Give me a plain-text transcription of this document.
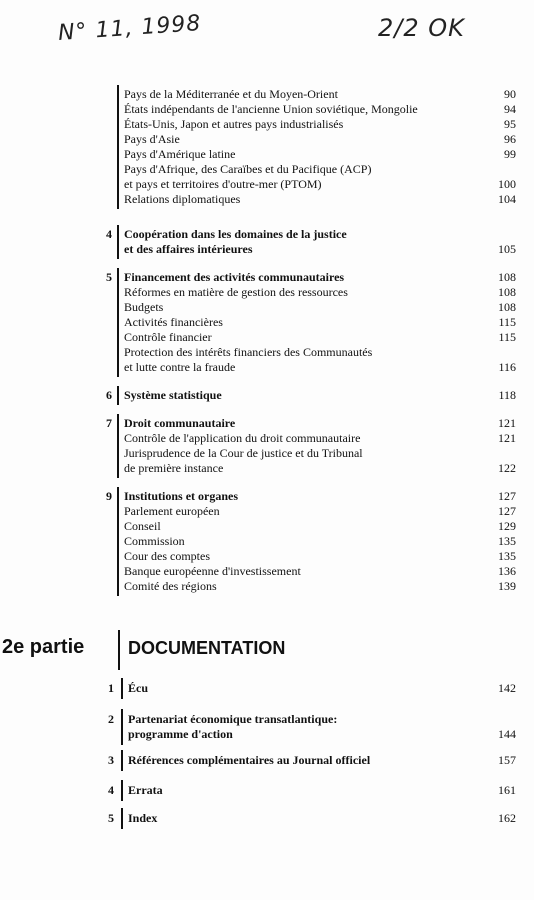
N° 11, 1998	2/2 OK
Pays de la Méditerranée et du Moyen-Orient	90
États indépendants de l'ancienne Union soviétique, Mongolie	94
États-Unis, Japon et autres pays industrialisés	95
Pays d'Asie	96
Pays d'Amérique latine	99
Pays d'Afrique, des Caraïbes et du Pacifique (ACP)
et pays et territoires d'outre-mer (PTOM)	100
Relations diplomatiques	104
4 Coopération dans les domaines de la justice
et des affaires intérieures	105
5 Financement des activités communautaires	108
Réformes en matière de gestion des ressources	108
Budgets	108
Activités financières	115
Contrôle financier	115
Protection des intérêts financiers des Communautés
et lutte contre la fraude	116
6 Système statistique	118
7 Droit communautaire	121
Contrôle de l'application du droit communautaire	121
Jurisprudence de la Cour de justice et du Tribunal
de première instance	122
9 Institutions et organes	127
Parlement européen	127
Conseil	129
Commission	135
Cour des comptes	135
Banque européenne d'investissement	136
Comité des régions	139
2e partie	DOCUMENTATION
1 Écu	142
2 Partenariat économique transatlantique:
programme d'action	144
3 Références complémentaires au Journal officiel	157
4 Errata	161
5 Index	162
